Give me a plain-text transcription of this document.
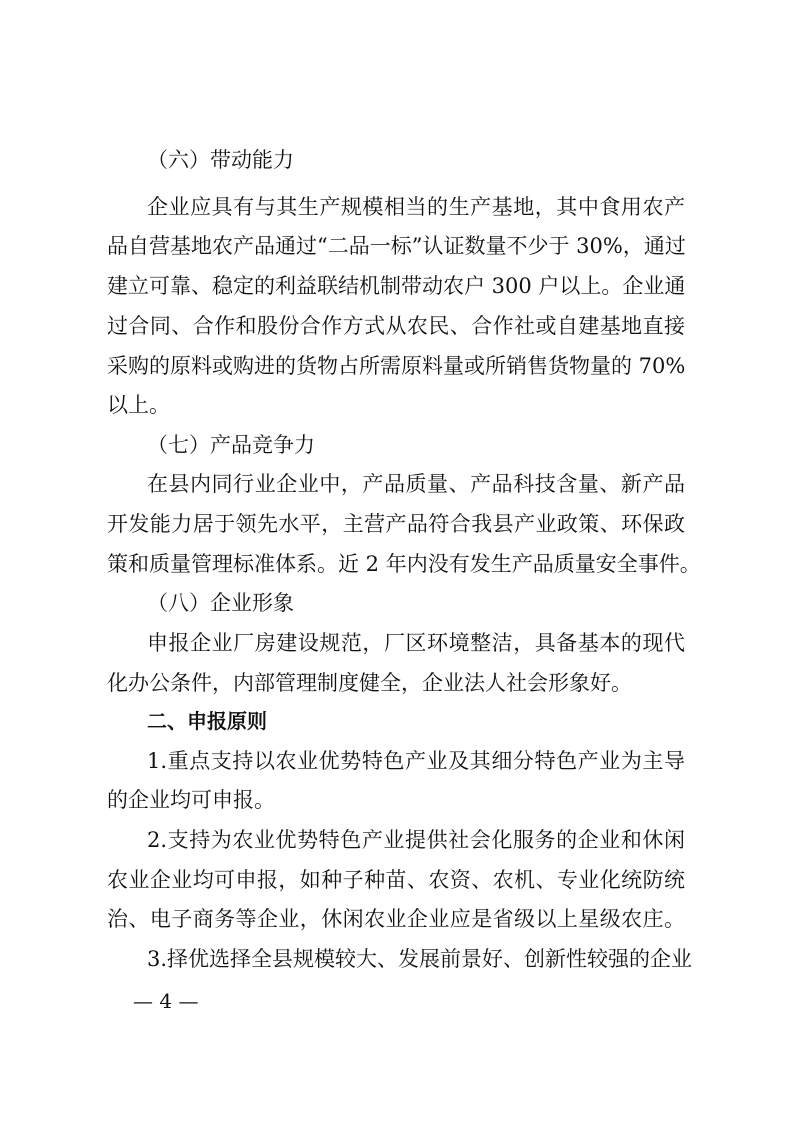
（六）带动能力
企业应具有与其生产规模相当的生产基地，其中食用农产
品自营基地农产品通过“二品一标”认证数量不少于 30%，通过
建立可靠、稳定的利益联结机制带动农户 300 户以上。企业通
过合同、合作和股份合作方式从农民、合作社或自建基地直接
采购的原料或购进的货物占所需原料量或所销售货物量的 70%
以上。
（七）产品竞争力
在县内同行业企业中，产品质量、产品科技含量、新产品
开发能力居于领先水平，主营产品符合我县产业政策、环保政
策和质量管理标准体系。近 2 年内没有发生产品质量安全事件。
（八）企业形象
申报企业厂房建设规范，厂区环境整洁，具备基本的现代
化办公条件，内部管理制度健全，企业法人社会形象好。
二、申报原则
1.重点支持以农业优势特色产业及其细分特色产业为主导
的企业均可申报。
2.支持为农业优势特色产业提供社会化服务的企业和休闲
农业企业均可申报，如种子种苗、农资、农机、专业化统防统
治、电子商务等企业，休闲农业企业应是省级以上星级农庄。
3.择优选择全县规模较大、发展前景好、创新性较强的企业
— 4 —
